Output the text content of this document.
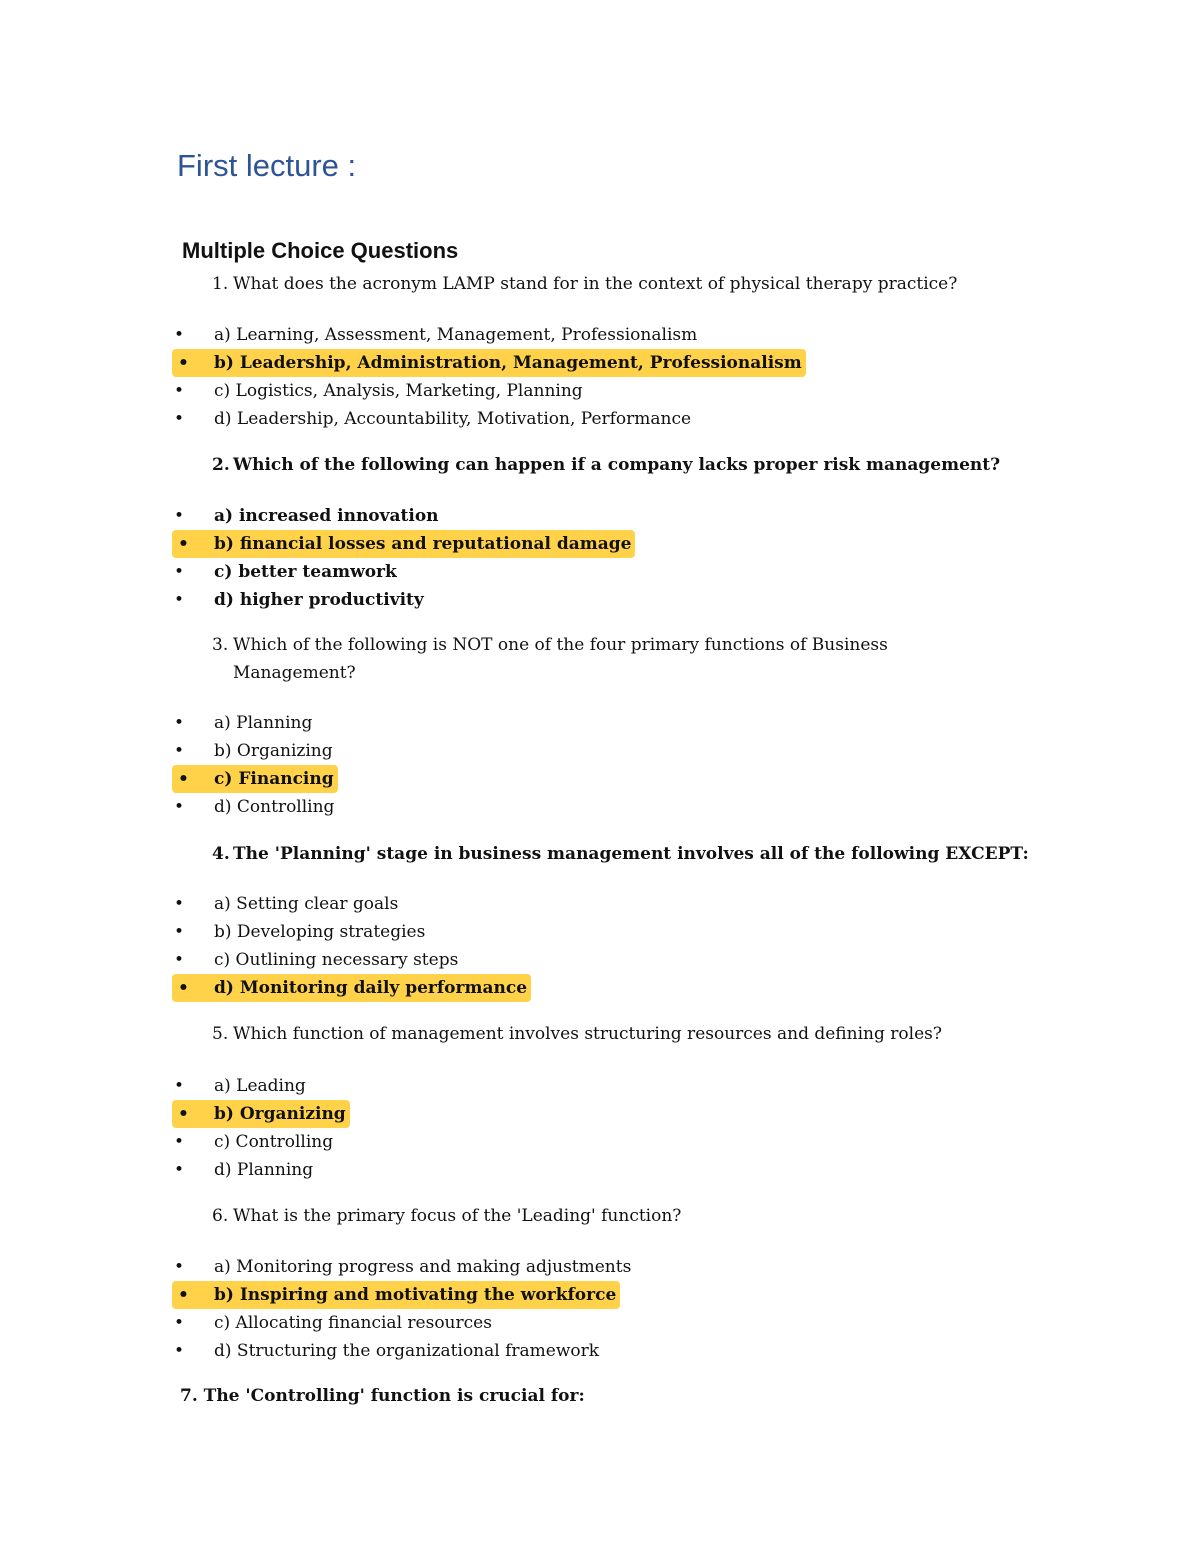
First lecture :
Multiple Choice Questions

1. What does the acronym LAMP stand for in the context of physical therapy practice?

• a) Learning, Assessment, Management, Professionalism
• b) Leadership, Administration, Management, Professionalism
• c) Logistics, Analysis, Marketing, Planning
• d) Leadership, Accountability, Motivation, Performance

2. Which of the following can happen if a company lacks proper risk management?

• a) increased innovation
• b) financial losses and reputational damage
• c) better teamwork
• d) higher productivity

3. Which of the following is NOT one of the four primary functions of Business Management?

• a) Planning
• b) Organizing
• c) Financing
• d) Controlling

4. The 'Planning' stage in business management involves all of the following EXCEPT:

• a) Setting clear goals
• b) Developing strategies
• c) Outlining necessary steps
• d) Monitoring daily performance

5. Which function of management involves structuring resources and defining roles?

• a) Leading
• b) Organizing
• c) Controlling
• d) Planning

6. What is the primary focus of the 'Leading' function?

• a) Monitoring progress and making adjustments
• b) Inspiring and motivating the workforce
• c) Allocating financial resources
• d) Structuring the organizational framework

7. The 'Controlling' function is crucial for:
